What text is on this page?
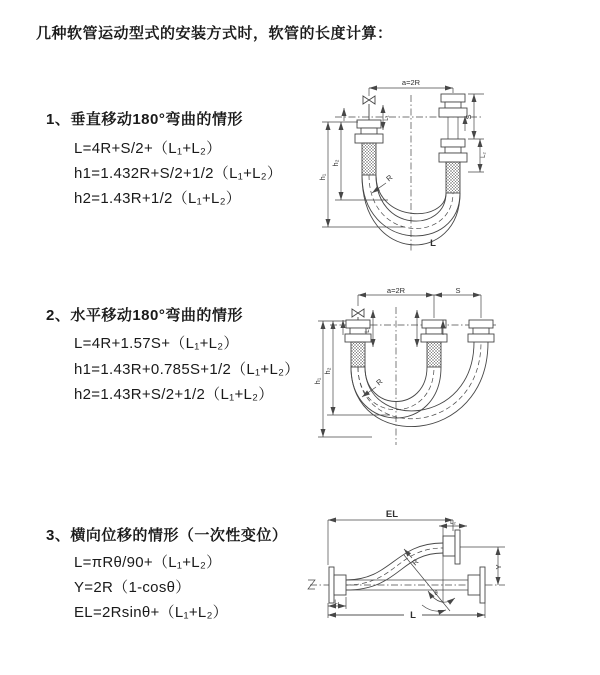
几种软管运动型式的安装方式时，软管的长度计算：
1、垂直移动180°弯曲的情形
L=4R+S/2+（L₁+L₂）
h1=1.432R+S/2+1/2（L₁+L₂）
h2=1.43R+1/2（L₁+L₂）
2、水平移动180°弯曲的情形
L=4R+1.57S+（L₁+L₂）
h1=1.43R+0.785S+1/2（L₁+L₂）
h2=1.43R+S/2+1/2（L₁+L₂）
3、横向位移的情形（一次性变位）
L=πRθ/90+（L₁+L₂）
Y=2R（1-cosθ）
EL=2Rsinθ+（L₁+L₂）
a=2R
h₁
h₂
L₁	S
L₂
R
L
a=2R	S
h₁
h₂
L₁
R
EL
L₂
Y
L
L₁
R
θ
